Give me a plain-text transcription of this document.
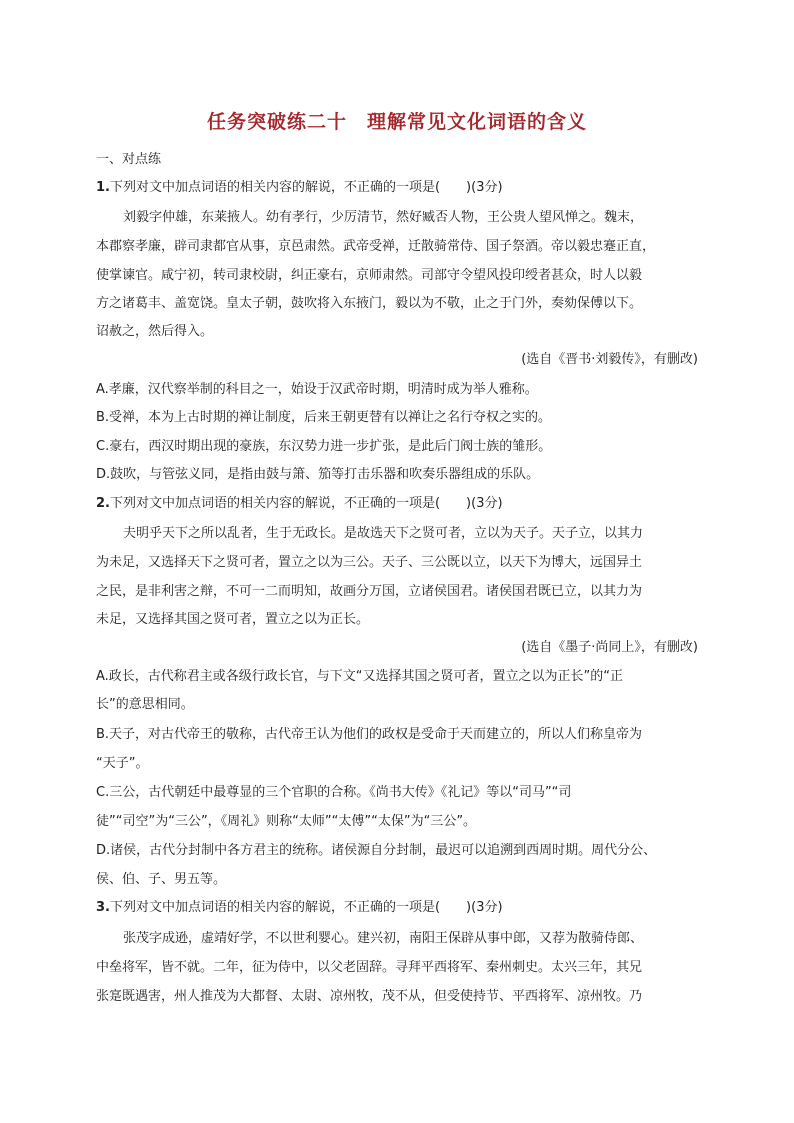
任务突破练二十　理解常见文化词语的含义
一、对点练
1.下列对文中加点词语的相关内容的解说，不正确的一项是(　　)(3分)
刘毅字仲雄，东莱掖人。幼有孝行，少厉清节，然好臧否人物，王公贵人望风惮之。魏末，
本郡察孝廉，辟司隶都官从事，京邑肃然。武帝受禅，迁散骑常侍、国子祭酒。帝以毅忠蹇正直，
使掌谏官。咸宁初，转司隶校尉，纠正豪右，京师肃然。司部守令望风投印绶者甚众，时人以毅
方之诸葛丰、盖宽饶。皇太子朝，鼓吹将入东掖门，毅以为不敬，止之于门外，奏劾保傅以下。
诏赦之，然后得入。
(选自《晋书·刘毅传》，有删改)
A.孝廉，汉代察举制的科目之一，始设于汉武帝时期，明清时成为举人雅称。
B.受禅，本为上古时期的禅让制度，后来王朝更替有以禅让之名行夺权之实的。
C.豪右，西汉时期出现的豪族，东汉势力进一步扩张，是此后门阀士族的雏形。
D.鼓吹，与管弦义同，是指由鼓与箫、笳等打击乐器和吹奏乐器组成的乐队。
2.下列对文中加点词语的相关内容的解说，不正确的一项是(　　)(3分)
夫明乎天下之所以乱者，生于无政长。是故选天下之贤可者，立以为天子。天子立，以其力
为未足，又选择天下之贤可者，置立之以为三公。天子、三公既以立，以天下为博大，远国异土
之民，是非利害之辩，不可一二而明知，故画分万国，立诸侯国君。诸侯国君既已立，以其力为
未足，又选择其国之贤可者，置立之以为正长。
(选自《墨子·尚同上》，有删改)
A.政长，古代称君主或各级行政长官，与下文“又选择其国之贤可者，置立之以为正长”的“正
长”的意思相同。
B.天子，对古代帝王的敬称，古代帝王认为他们的政权是受命于天而建立的，所以人们称皇帝为
“天子”。
C.三公，古代朝廷中最尊显的三个官职的合称。《尚书大传》《礼记》等以“司马”“司
徒”“司空”为“三公”，《周礼》则称“太师”“太傅”“太保”为“三公”。
D.诸侯，古代分封制中各方君主的统称。诸侯源自分封制，最迟可以追溯到西周时期。周代分公、
侯、伯、子、男五等。
3.下列对文中加点词语的相关内容的解说，不正确的一项是(　　)(3分)
张茂字成逊，虚靖好学，不以世利婴心。建兴初，南阳王保辟从事中郎，又荐为散骑侍郎、
中垒将军，皆不就。二年，征为侍中，以父老固辞。寻拜平西将军、秦州刺史。太兴三年，其兄
张寔既遇害，州人推茂为大都督、太尉、凉州牧，茂不从，但受使持节、平西将军、凉州牧。乃
